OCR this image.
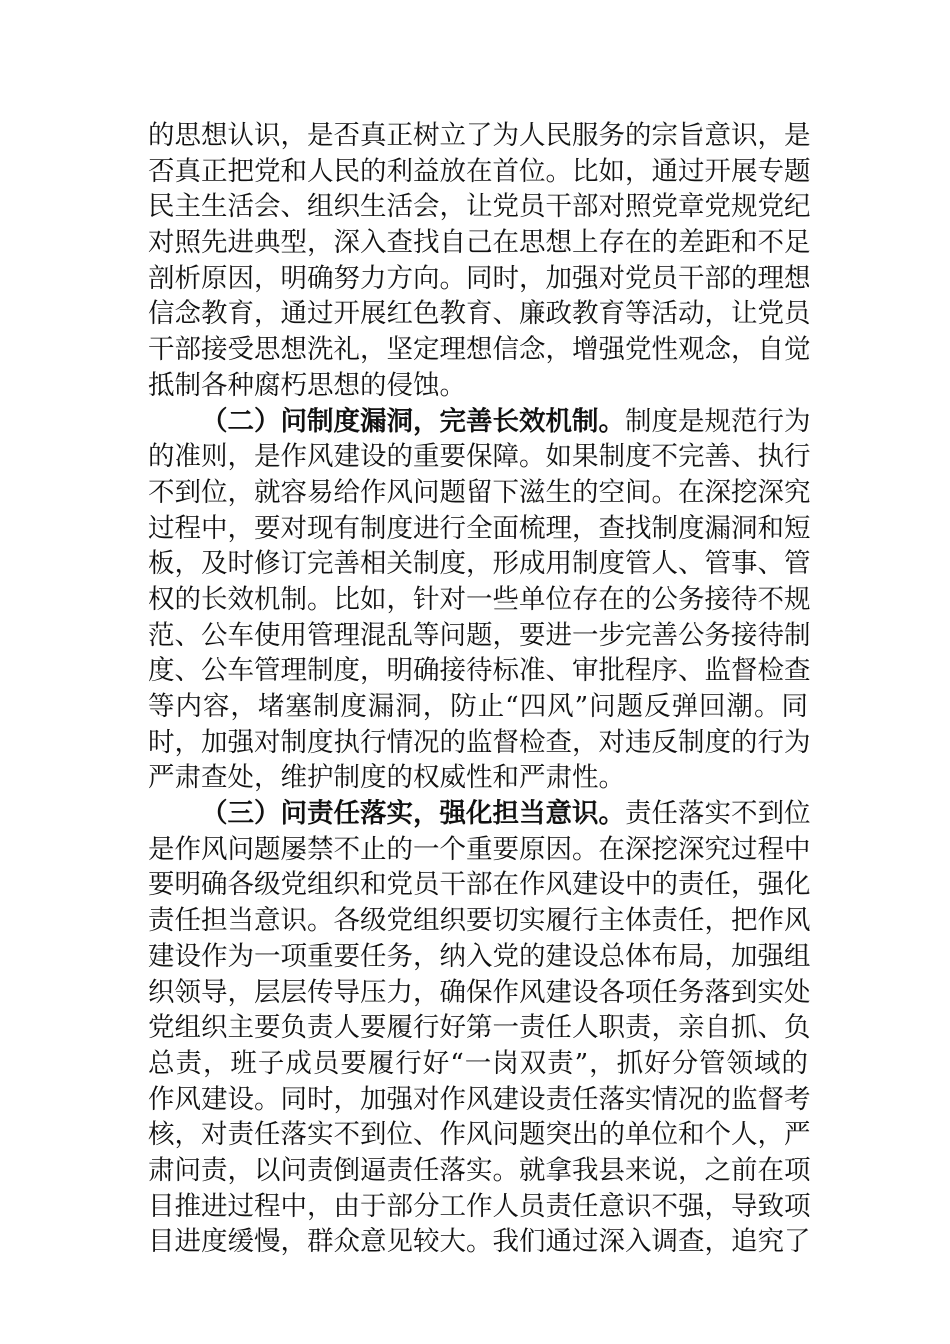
的思想认识，是否真正树立了为人民服务的宗旨意识，是
否真正把党和人民的利益放在首位。比如，通过开展专题
民主生活会、组织生活会，让党员干部对照党章党规党纪
对照先进典型，深入查找自己在思想上存在的差距和不足
剖析原因，明确努力方向。同时，加强对党员干部的理想
信念教育，通过开展红色教育、廉政教育等活动，让党员
干部接受思想洗礼，坚定理想信念，增强党性观念，自觉
抵制各种腐朽思想的侵蚀。
（二）问制度漏洞，完善长效机制。制度是规范行为
的准则，是作风建设的重要保障。如果制度不完善、执行
不到位，就容易给作风问题留下滋生的空间。在深挖深究
过程中，要对现有制度进行全面梳理，查找制度漏洞和短
板，及时修订完善相关制度，形成用制度管人、管事、管
权的长效机制。比如，针对一些单位存在的公务接待不规
范、公车使用管理混乱等问题，要进一步完善公务接待制
度、公车管理制度，明确接待标准、审批程序、监督检查
等内容，堵塞制度漏洞，防止“四风”问题反弹回潮。同
时，加强对制度执行情况的监督检查，对违反制度的行为
严肃查处，维护制度的权威性和严肃性。
（三）问责任落实，强化担当意识。责任落实不到位
是作风问题屡禁不止的一个重要原因。在深挖深究过程中
要明确各级党组织和党员干部在作风建设中的责任，强化
责任担当意识。各级党组织要切实履行主体责任，把作风
建设作为一项重要任务，纳入党的建设总体布局，加强组
织领导，层层传导压力，确保作风建设各项任务落到实处
党组织主要负责人要履行好第一责任人职责，亲自抓、负
总责，班子成员要履行好“一岗双责”，抓好分管领域的
作风建设。同时，加强对作风建设责任落实情况的监督考
核，对责任落实不到位、作风问题突出的单位和个人，严
肃问责，以问责倒逼责任落实。就拿我县来说，之前在项
目推进过程中，由于部分工作人员责任意识不强，导致项
目进度缓慢，群众意见较大。我们通过深入调查，追究了
